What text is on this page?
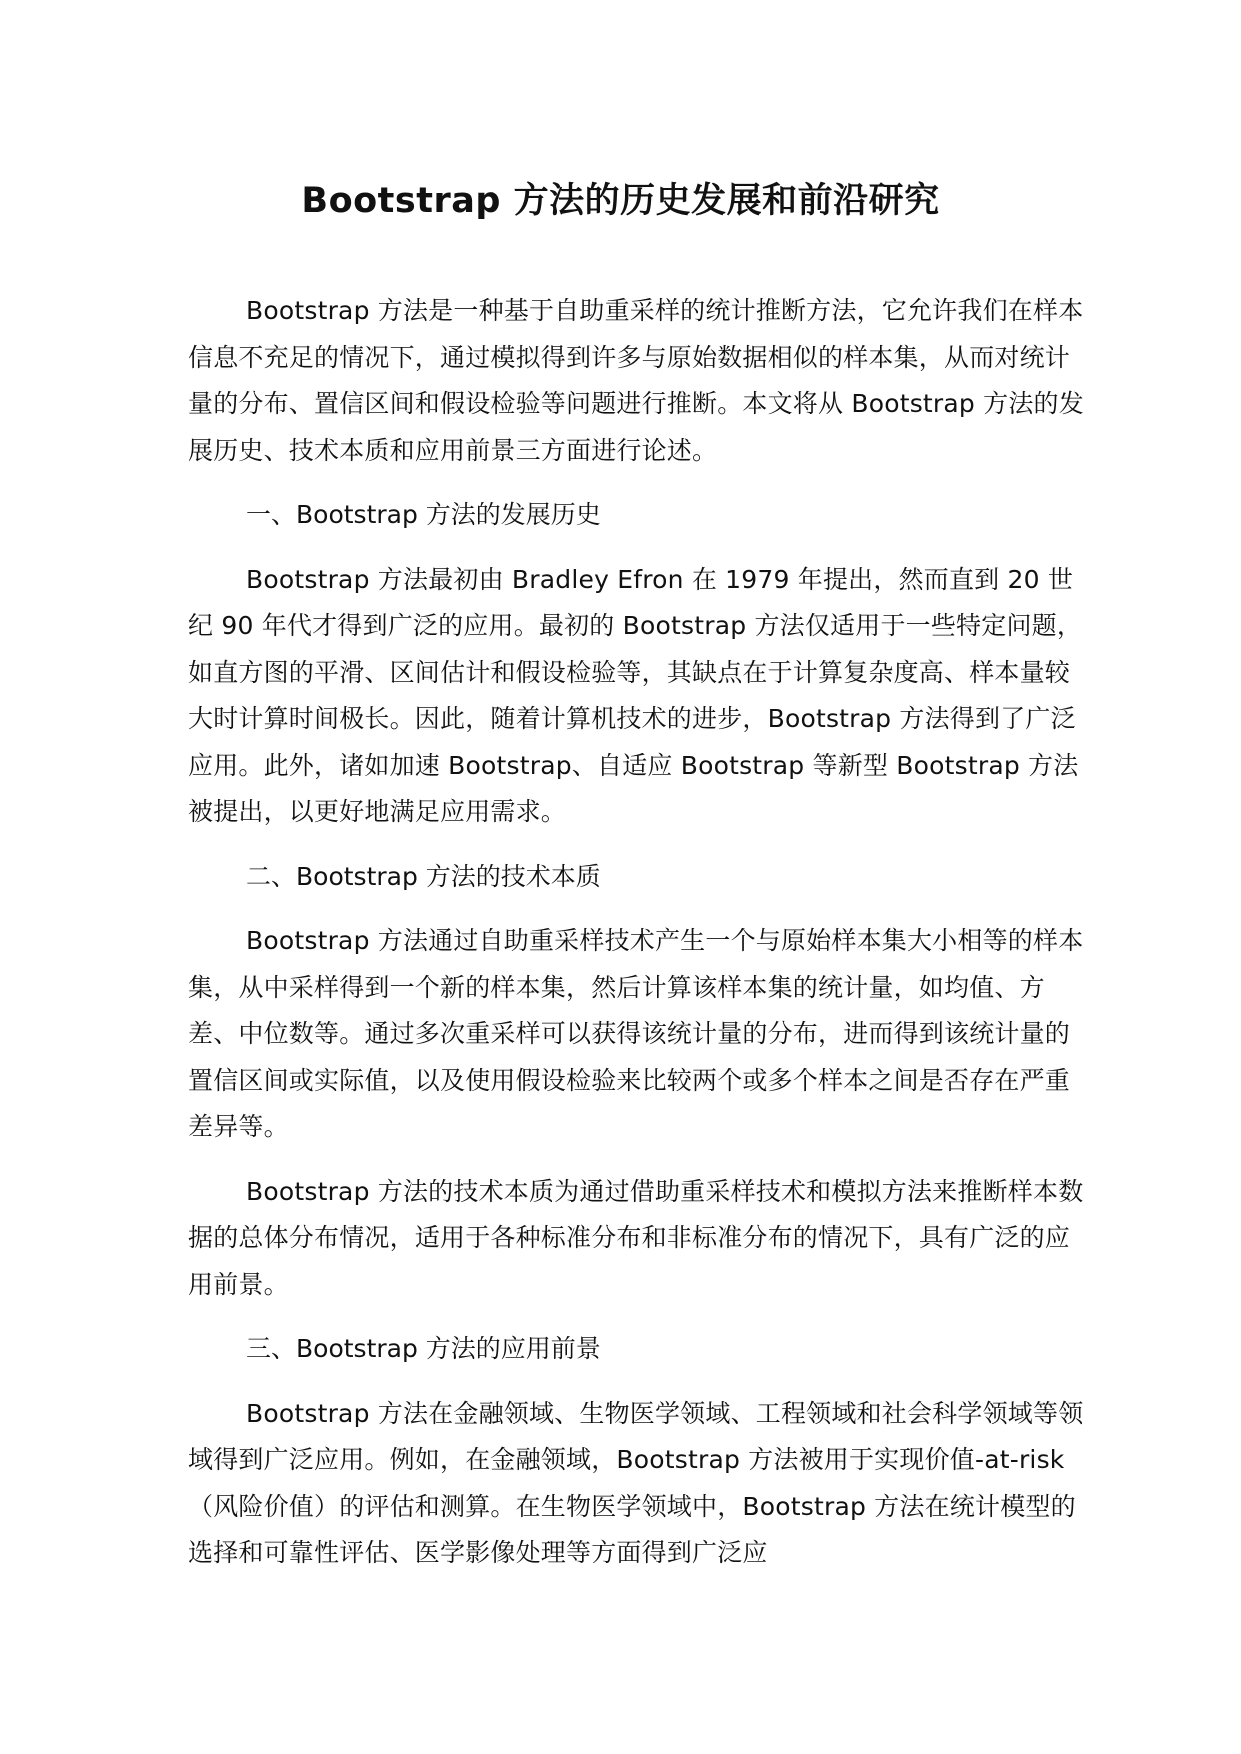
Bootstrap 方法的历史发展和前沿研究

Bootstrap 方法是一种基于自助重采样的统计推断方法，它允许我们在样本信息不充足的情况下，通过模拟得到许多与原始数据相似的样本集，从而对统计量的分布、置信区间和假设检验等问题进行推断。本文将从 Bootstrap 方法的发展历史、技术本质和应用前景三方面进行论述。

一、Bootstrap 方法的发展历史

Bootstrap 方法最初由 Bradley Efron 在 1979 年提出，然而直到 20 世纪 90 年代才得到广泛的应用。最初的 Bootstrap 方法仅适用于一些特定问题，如直方图的平滑、区间估计和假设检验等，其缺点在于计算复杂度高、样本量较大时计算时间极长。因此，随着计算机技术的进步，Bootstrap 方法得到了广泛应用。此外，诸如加速 Bootstrap、自适应 Bootstrap 等新型 Bootstrap 方法被提出，以更好地满足应用需求。

二、Bootstrap 方法的技术本质

Bootstrap 方法通过自助重采样技术产生一个与原始样本集大小相等的样本集，从中采样得到一个新的样本集，然后计算该样本集的统计量，如均值、方差、中位数等。通过多次重采样可以获得该统计量的分布，进而得到该统计量的置信区间或实际值，以及使用假设检验来比较两个或多个样本之间是否存在严重差异等。

Bootstrap 方法的技术本质为通过借助重采样技术和模拟方法来推断样本数据的总体分布情况，适用于各种标准分布和非标准分布的情况下，具有广泛的应用前景。

三、Bootstrap 方法的应用前景

Bootstrap 方法在金融领域、生物医学领域、工程领域和社会科学领域等领域得到广泛应用。例如，在金融领域，Bootstrap 方法被用于实现价值-at-risk（风险价值）的评估和测算。在生物医学领域中，Bootstrap 方法在统计模型的选择和可靠性评估、医学影像处理等方面得到广泛应
